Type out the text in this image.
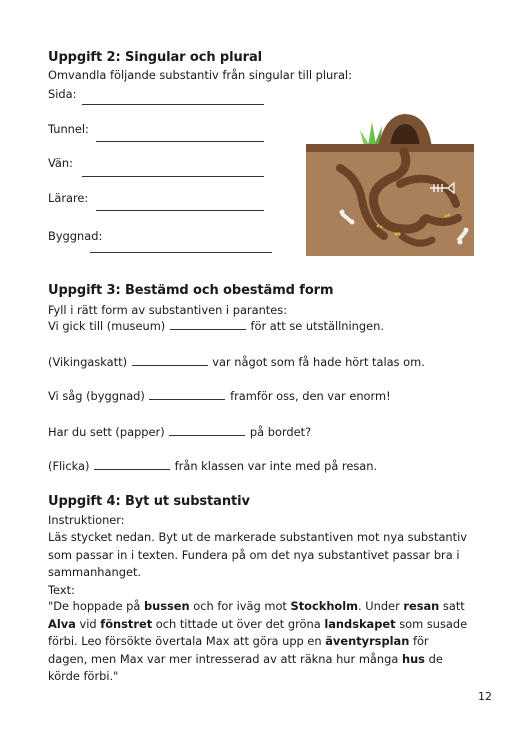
Uppgift 2: Singular och plural
Omvandla följande substantiv från singular till plural:
Sida:
Tunnel:
Vän:
Lärare:
Byggnad:
Uppgift 3: Bestämd och obestämd form
Fyll i rätt form av substantiven i parantes:
Vi gick till (museum)	för att se utställningen.
(Vikingaskatt)	var något som få hade hört talas om.
Vi såg (byggnad)	framför oss, den var enorm!
Har du sett (papper)	på bordet?
(Flicka)	från klassen var inte med på resan.
Uppgift 4: Byt ut substantiv
Instruktioner:
Läs stycket nedan. Byt ut de markerade substantiven mot nya substantiv som passar in i texten. Fundera på om det nya substantivet passar bra i sammanhanget.
Text:
"De hoppade på bussen och for iväg mot Stockholm. Under resan satt Alva vid fönstret och tittade ut över det gröna landskapet som susade förbi. Leo försökte övertala Max att göra upp en äventyrsplan för dagen, men Max var mer intresserad av att räkna hur många hus de körde förbi."
12
